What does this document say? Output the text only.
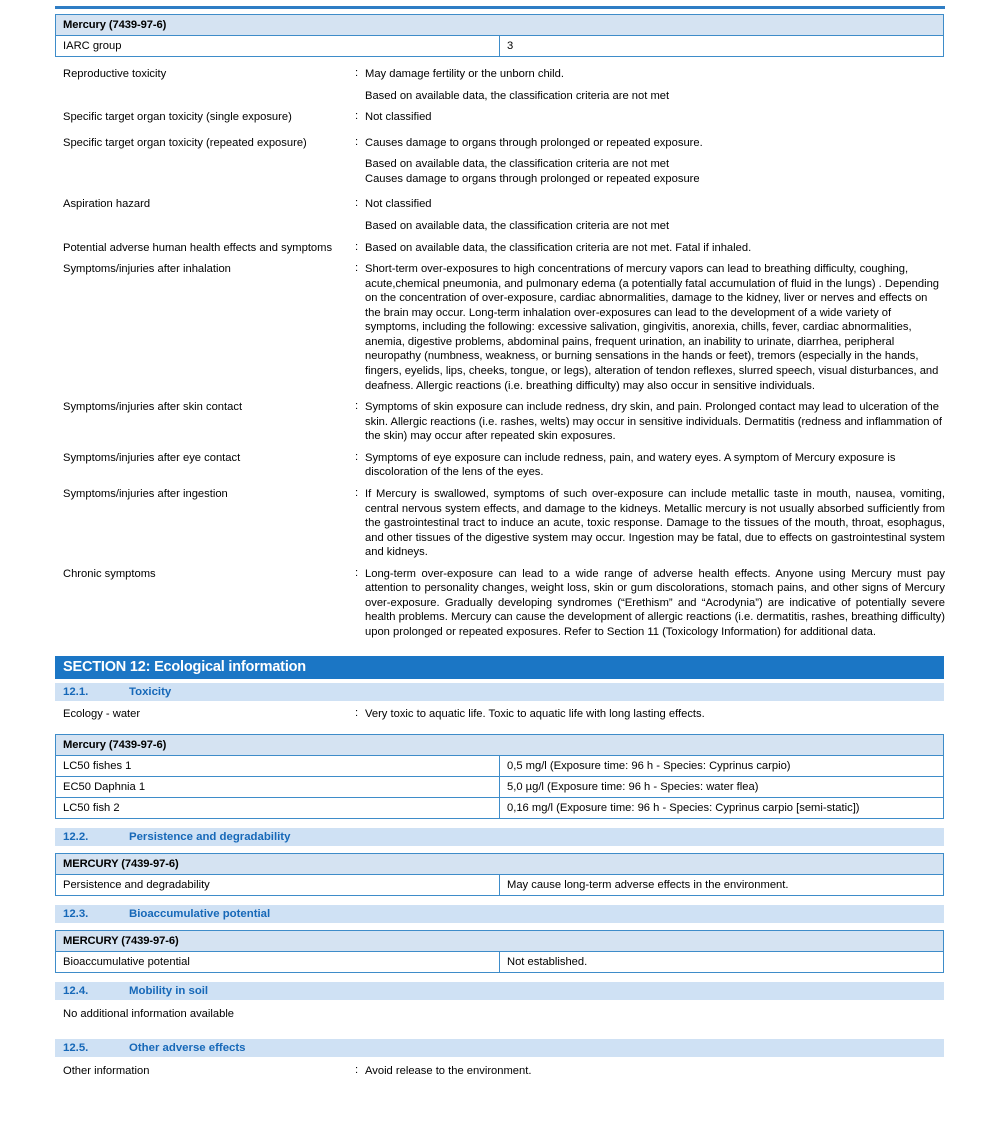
Mercury (7439-97-6)
IARC group	3
Reproductive toxicity	: May damage fertility or the unborn child.
Based on available data, the classification criteria are not met
Specific target organ toxicity (single exposure)	: Not classified
Specific target organ toxicity (repeated exposure)	: Causes damage to organs through prolonged or repeated exposure.
Based on available data, the classification criteria are not met
Causes damage to organs through prolonged or repeated exposure
Aspiration hazard	: Not classified
Based on available data, the classification criteria are not met
Potential adverse human health effects and symptoms	: Based on available data, the classification criteria are not met. Fatal if inhaled.
Symptoms/injuries after inhalation	: Short-term over-exposures to high concentrations of mercury vapors can lead to breathing difficulty, coughing, acute,chemical pneumonia, and pulmonary edema (a potentially fatal accumulation of fluid in the lungs) . Depending on the concentration of over-exposure, cardiac abnormalities, damage to the kidney, liver or nerves and effects on the brain may occur. Long-term inhalation over-exposures can lead to the development of a wide variety of symptoms, including the following: excessive salivation, gingivitis, anorexia, chills, fever, cardiac abnormalities, anemia, digestive problems, abdominal pains, frequent urination, an inability to urinate, diarrhea, peripheral neuropathy (numbness, weakness, or burning sensations in the hands or feet), tremors (especially in the hands, fingers, eyelids, lips, cheeks, tongue, or legs), alteration of tendon reflexes, slurred speech, visual disturbances, and deafness. Allergic reactions (i.e. breathing difficulty) may also occur in sensitive individuals.
Symptoms/injuries after skin contact	: Symptoms of skin exposure can include redness, dry skin, and pain. Prolonged contact may lead to ulceration of the skin. Allergic reactions (i.e. rashes, welts) may occur in sensitive individuals. Dermatitis (redness and inflammation of the skin) may occur after repeated skin exposures.
Symptoms/injuries after eye contact	: Symptoms of eye exposure can include redness, pain, and watery eyes. A symptom of Mercury exposure is discoloration of the lens of the eyes.
Symptoms/injuries after ingestion	: If Mercury is swallowed, symptoms of such over-exposure can include metallic taste in mouth, nausea, vomiting, central nervous system effects, and damage to the kidneys. Metallic mercury is not usually absorbed sufficiently from the gastrointestinal tract to induce an acute, toxic response. Damage to the tissues of the mouth, throat, esophagus, and other tissues of the digestive system may occur. Ingestion may be fatal, due to effects on gastrointestinal system and kidneys.
Chronic symptoms	: Long-term over-exposure can lead to a wide range of adverse health effects. Anyone using Mercury must pay attention to personality changes, weight loss, skin or gum discolorations, stomach pains, and other signs of Mercury over-exposure. Gradually developing syndromes (“Erethism” and “Acrodynia”) are indicative of potentially severe health problems. Mercury can cause the development of allergic reactions (i.e. dermatitis, rashes, breathing difficulty) upon prolonged or repeated exposures. Refer to Section 11 (Toxicology Information) for additional data.
SECTION 12: Ecological information
12.1.	Toxicity
Ecology - water	: Very toxic to aquatic life. Toxic to aquatic life with long lasting effects.
Mercury (7439-97-6)	
LC50 fishes 1	0,5 mg/l (Exposure time: 96 h - Species: Cyprinus carpio)
EC50 Daphnia 1	5,0 µg/l (Exposure time: 96 h - Species: water flea)
LC50 fish 2	0,16 mg/l (Exposure time: 96 h - Species: Cyprinus carpio [semi-static])
12.2.	Persistence and degradability
MERCURY (7439-97-6)
Persistence and degradability	May cause long-term adverse effects in the environment.
12.3.	Bioaccumulative potential
MERCURY (7439-97-6)
Bioaccumulative potential	Not established.
12.4.	Mobility in soil
No additional information available
12.5.	Other adverse effects
Other information	: Avoid release to the environment.
